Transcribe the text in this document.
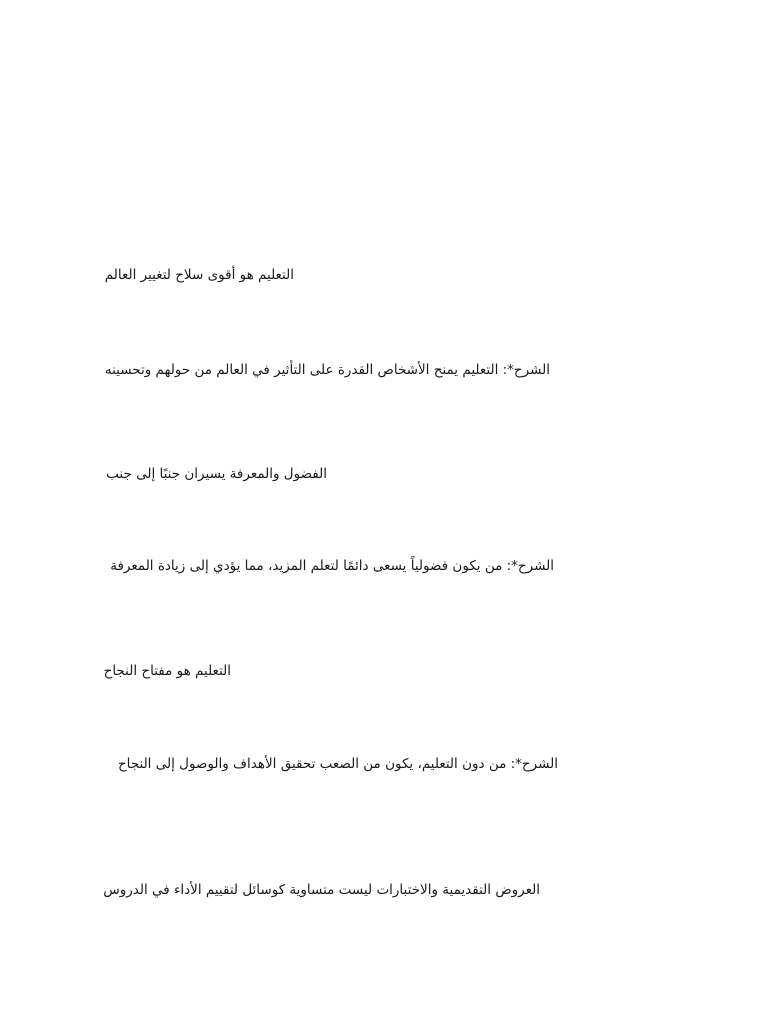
التعليم هو أقوى سلاح لتغيير العالم

الشرح*: التعليم يمنح الأشخاص القدرة على التأثير في العالم من حولهم وتحسينه

الفضول والمعرفة يسيران جنبًا إلى جنب

الشرح*: من يكون فضولياً يسعى دائمًا لتعلم المزيد، مما يؤدي إلى زيادة المعرفة

التعليم هو مفتاح النجاح

الشرح*: من دون التعليم، يكون من الصعب تحقيق الأهداف والوصول إلى النجاح

العروض التقديمية والاختبارات ليست متساوية كوسائل لتقييم الأداء في الدروس
